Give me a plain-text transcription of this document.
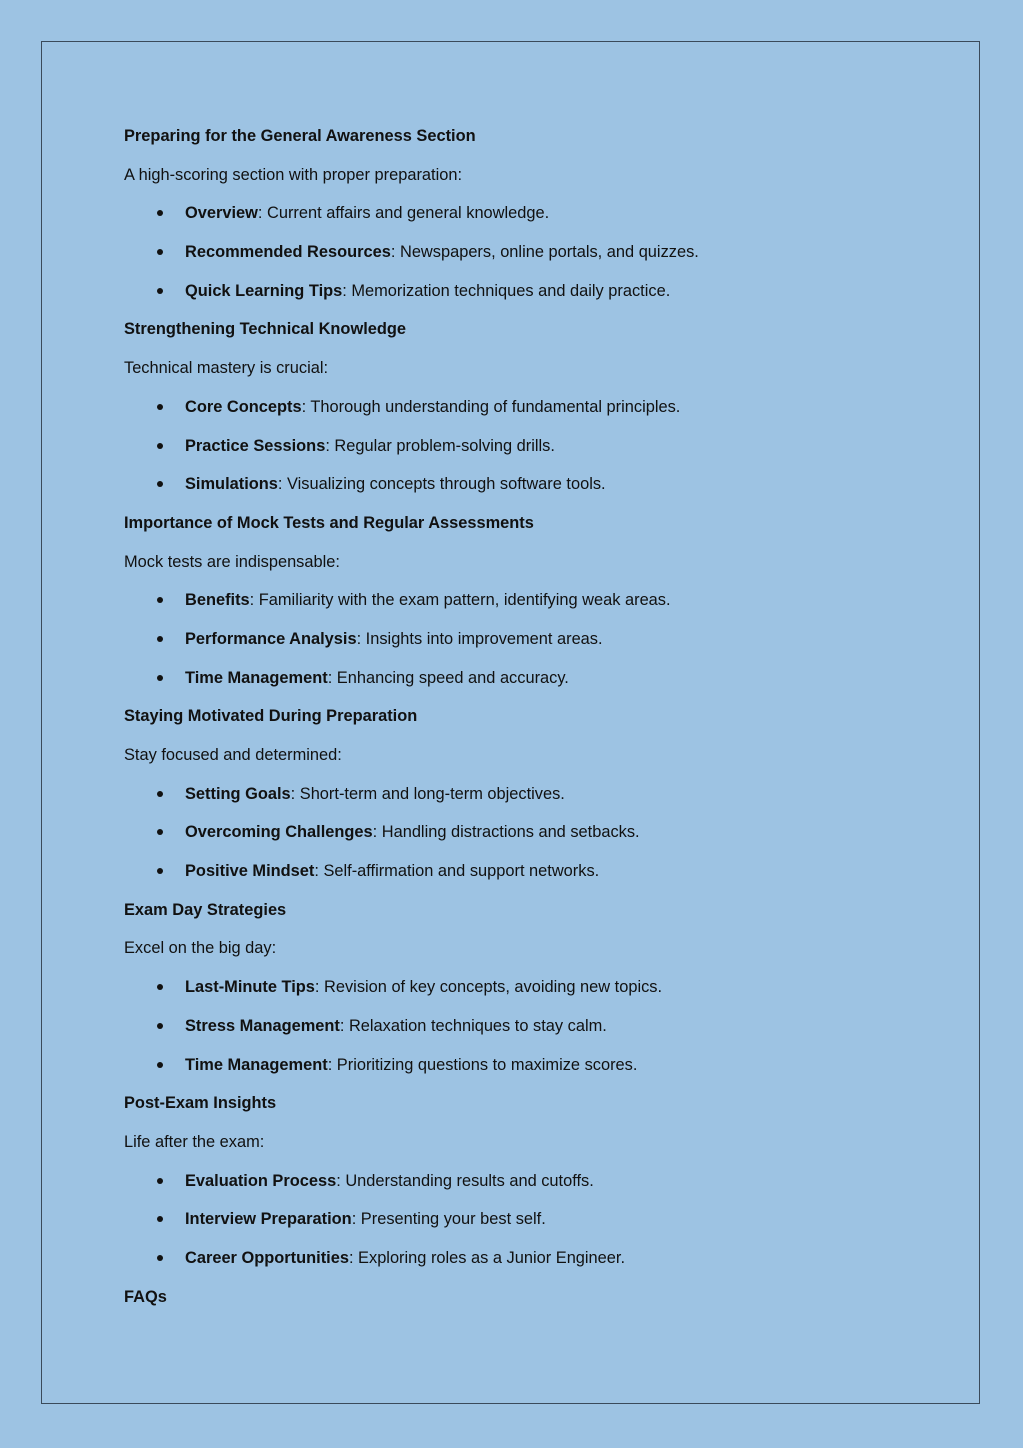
Preparing for the General Awareness Section
A high-scoring section with proper preparation:
Overview: Current affairs and general knowledge.
Recommended Resources: Newspapers, online portals, and quizzes.
Quick Learning Tips: Memorization techniques and daily practice.
Strengthening Technical Knowledge
Technical mastery is crucial:
Core Concepts: Thorough understanding of fundamental principles.
Practice Sessions: Regular problem-solving drills.
Simulations: Visualizing concepts through software tools.
Importance of Mock Tests and Regular Assessments
Mock tests are indispensable:
Benefits: Familiarity with the exam pattern, identifying weak areas.
Performance Analysis: Insights into improvement areas.
Time Management: Enhancing speed and accuracy.
Staying Motivated During Preparation
Stay focused and determined:
Setting Goals: Short-term and long-term objectives.
Overcoming Challenges: Handling distractions and setbacks.
Positive Mindset: Self-affirmation and support networks.
Exam Day Strategies
Excel on the big day:
Last-Minute Tips: Revision of key concepts, avoiding new topics.
Stress Management: Relaxation techniques to stay calm.
Time Management: Prioritizing questions to maximize scores.
Post-Exam Insights
Life after the exam:
Evaluation Process: Understanding results and cutoffs.
Interview Preparation: Presenting your best self.
Career Opportunities: Exploring roles as a Junior Engineer.
FAQs
